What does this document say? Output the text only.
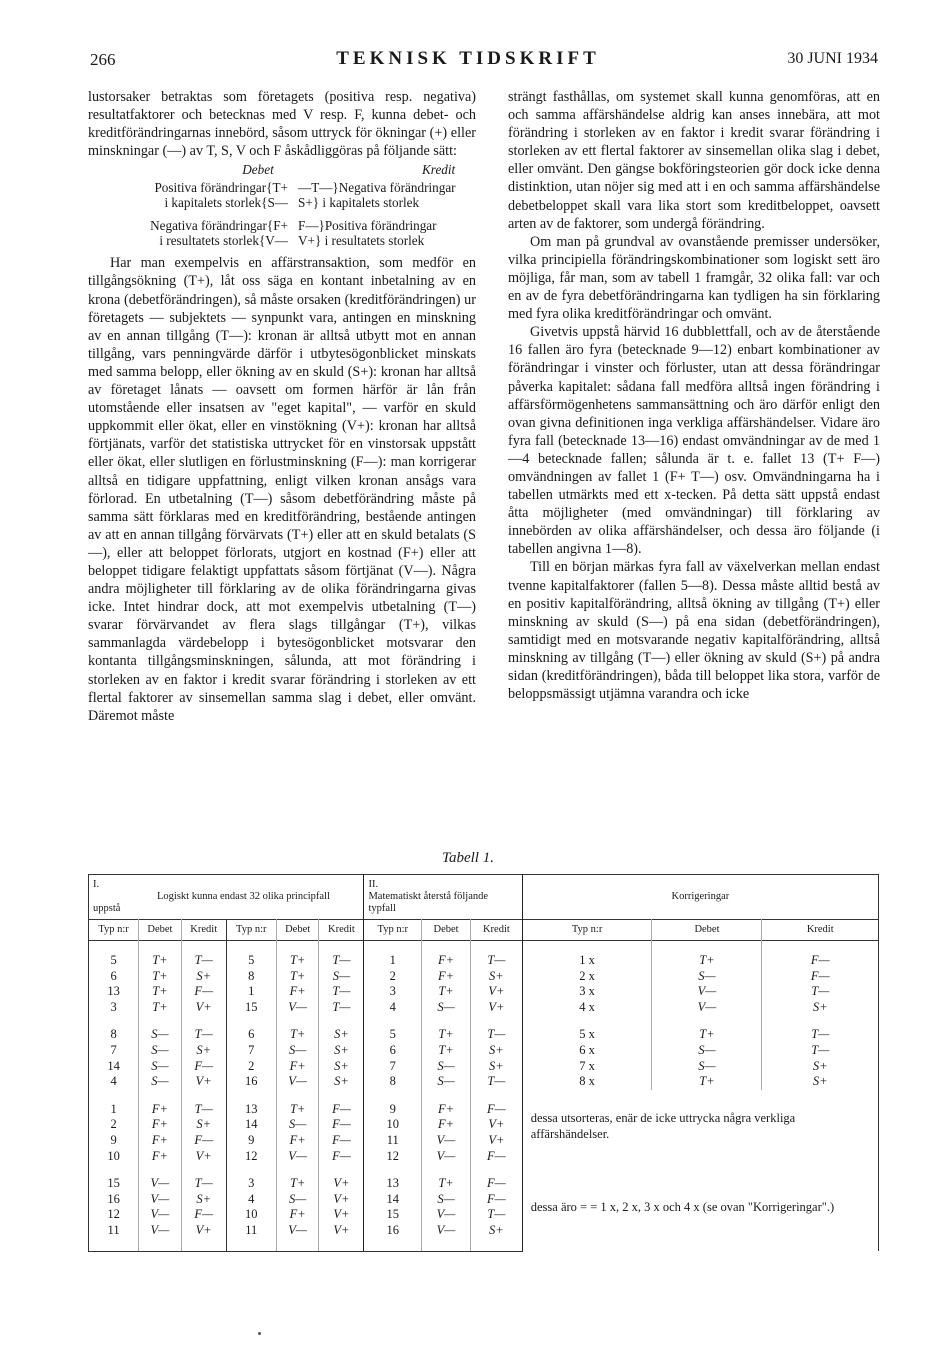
266	TEKNISK TIDSKRIFT	30 JUNI 1934

lustorsaker betraktas som företagets (positiva resp. negativa) resultatfaktorer och betecknas med V resp. F, kunna debet- och kreditförändringarnas innebörd, såsom uttryck för ökningar (+) eller minskningar (—) av T, S, V och F åskådliggöras på följande sätt:

Debet	Kredit
Positiva förändringar{T+ —T—}Negativa förändringar
i kapitalets storlek{S— S+} i kapitalets storlek
Negativa förändringar{F+ F—}Positiva förändringar
i resultatets storlek{V— V+} i resultatets storlek

Har man exempelvis en affärstransaktion, som medför en tillgångsökning (T+), låt oss säga en kontant inbetalning av en krona (debetförändringen), så måste orsaken (kreditförändringen) ur företagets — subjektets — synpunkt vara, antingen en minskning av en annan tillgång (T—): kronan är alltså utbytt mot en annan tillgång, vars penningvärde därför i utbytesögonblicket minskats med samma belopp, eller ökning av en skuld (S+): kronan har alltså av företaget lånats — oavsett om formen härför är lån från utomstående eller insatsen av "eget kapital", — varför en skuld uppkommit eller ökat, eller en vinstökning (V+): kronan har alltså förtjänats, varför det statistiska uttrycket för en vinstorsak uppstått eller ökat, eller slutligen en förlustminskning (F—): man korrigerar alltså en tidigare uppfattning, enligt vilken kronan ansågs vara förlorad. En utbetalning (T—) såsom debetförändring måste på samma sätt förklaras med en kreditförändring, bestående antingen av att en annan tillgång förvärvats (T+) eller att en skuld betalats (S—), eller att beloppet förlorats, utgjort en kostnad (F+) eller att beloppet tidigare felaktigt uppfattats såsom förtjänat (V—). Några andra möjligheter till förklaring av de olika förändringarna givas icke. Intet hindrar dock, att mot exempelvis utbetalning (T—) svarar förvärvandet av flera slags tillgångar (T+), vilkas sammanlagda värdebelopp i bytesögonblicket motsvarar den kontanta tillgångsminskningen, sålunda, att mot förändring i storleken av en faktor i kredit svarar förändring i storleken av ett flertal faktorer av sinsemellan samma slag i debet, eller omvänt. Däremot måste

strängt fasthållas, om systemet skall kunna genomföras, att en och samma affärshändelse aldrig kan anses innebära, att mot förändring i storleken av en faktor i kredit svarar förändring i storleken av ett flertal faktorer av sinsemellan olika slag i debet, eller omvänt. Den gängse bokföringsteorien gör dock icke denna distinktion, utan nöjer sig med att i en och samma affärshändelse debetbeloppet skall vara lika stort som kreditbeloppet, oavsett arten av de faktorer, som undergå förändring.

Om man på grundval av ovanstående premisser undersöker, vilka principiella förändringskombinationer som logiskt sett äro möjliga, får man, som av tabell 1 framgår, 32 olika fall: var och en av de fyra debetförändringarna kan tydligen ha sin förklaring med fyra olika kreditförändringar och omvänt.

Givetvis uppstå härvid 16 dubblettfall, och av de återstående 16 fallen äro fyra (betecknade 9—12) enbart kombinationer av förändringar i vinster och förluster, utan att dessa förändringar påverka kapitalet: sådana fall medföra alltså ingen förändring i affärsförmögenhetens sammansättning och äro därför enligt den ovan givna definitionen inga verkliga affärshändelser. Vidare äro fyra fall (betecknade 13—16) endast omvändningar av de med 1—4 betecknade fallen; sålunda är t. e. fallet 13 (T+ F—) omvändningen av fallet 1 (F+ T—) osv. Omvändningarna ha i tabellen utmärkts med ett x-tecken. På detta sätt uppstå endast åtta möjligheter (med omvändningar) till förklaring av innebörden av olika affärshändelser, och dessa äro följande (i tabellen angivna 1—8).

Till en början märkas fyra fall av växelverkan mellan endast tvenne kapitalfaktorer (fallen 5—8). Dessa måste alltid bestå av en positiv kapitalförändring, alltså ökning av tillgång (T+) eller minskning av skuld (S—) på ena sidan (debetförändringen), samtidigt med en motsvarande negativ kapitalförändring, alltså minskning av tillgång (T—) eller ökning av skuld (S+) på andra sidan (kreditförändringen), båda till beloppet lika stora, varför de beloppsmässigt utjämna varandra och icke

Tabell 1.
I.
Logiskt kunna endast 32 olika principfall uppstå						II.
Matematiskt återstå följande typfall			Korrigeringar		
Typ n:r	Debet	Kredit	Typ n:r	Debet	Kredit	Typ n:r	Debet	Kredit	Typ n:r	Debet	Kredit
5	T+	T—	5	T+	T—	1	F+	T—	1 x	T+	F—
6	T+	S+	8	T+	S—	2	F+	S+	2 x	S—	F—
13	T+	F—	1	F+	T—	3	T+	V+	3 x	V—	T—
3	T+	V+	15	V—	T—	4	S—	V+	4 x	V—	S+
8	S—	T—	6	T+	S+	5	T+	T—	5 x	T+	T—
7	S—	S+	7	S—	S+	6	T+	S+	6 x	S—	T—
14	S—	F—	2	F+	S+	7	S—	S+	7 x	S—	S+
4	S—	V+	16	V—	S+	8	S—	T—	8 x	T+	S+
1	F+	T—	13	T+	F—	9	F+	F—	dessa utsorteras, enär de icke uttrycka några verkliga affärshändelser.		
2	F+	S+	14	S—	F—	10	F+	V+			
9	F+	F—	9	F+	F—	11	V—	V+			
10	F+	V+	12	V—	F—	12	V—	F—			
15	V—	T—	3	T+	V+	13	T+	F—	dessa äro = = 1 x, 2 x, 3 x och 4 x (se ovan "Korrigeringar".)		
16	V—	S+	4	S—	V+	14	S—	F—			
12	V—	F—	10	F+	V+	15	V—	T—			
11	V—	V+	11	V—	V+	16	V—	S+			
